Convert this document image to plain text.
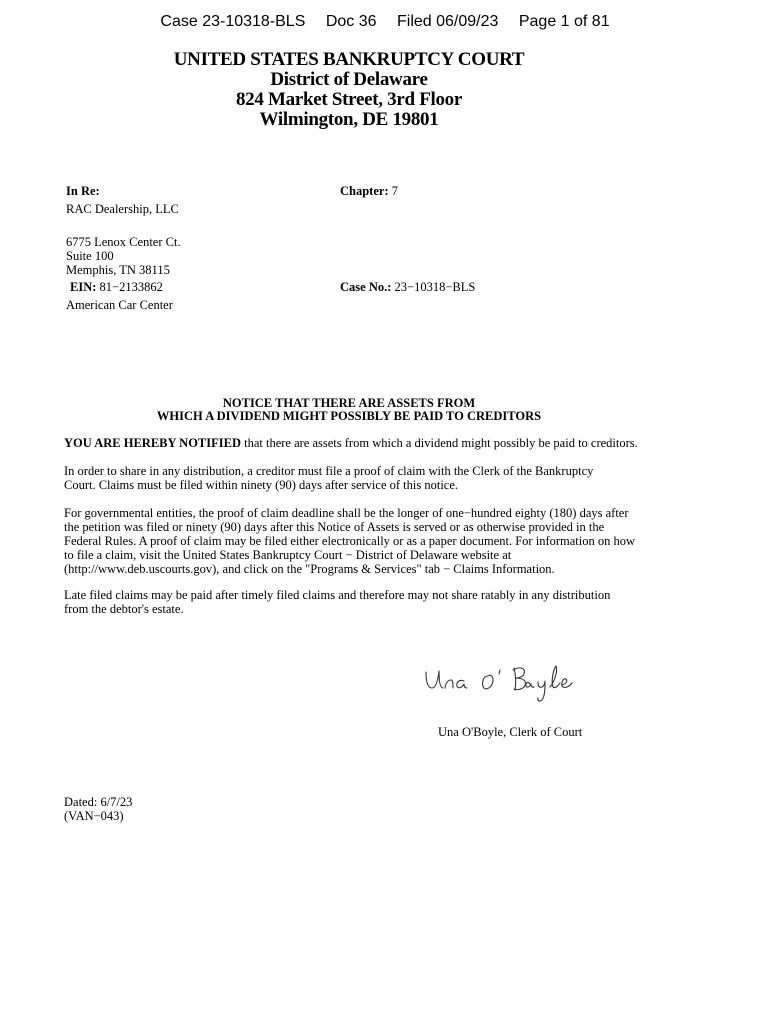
Case 23-10318-BLS Doc 36 Filed 06/09/23 Page 1 of 81
UNITED STATES BANKRUPTCY COURT
District of Delaware
824 Market Street, 3rd Floor
Wilmington, DE 19801
In Re:
RAC Dealership, LLC
6775 Lenox Center Ct.
Suite 100
Memphis, TN 38115
EIN: 81−2133862
American Car Center
Chapter: 7
Case No.: 23−10318−BLS
NOTICE THAT THERE ARE ASSETS FROM
WHICH A DIVIDEND MIGHT POSSIBLY BE PAID TO CREDITORS
YOU ARE HEREBY NOTIFIED that there are assets from which a dividend might possibly be paid to creditors.
In order to share in any distribution, a creditor must file a proof of claim with the Clerk of the Bankruptcy Court. Claims must be filed within ninety (90) days after service of this notice.
For governmental entities, the proof of claim deadline shall be the longer of one−hundred eighty (180) days after the petition was filed or ninety (90) days after this Notice of Assets is served or as otherwise provided in the Federal Rules. A proof of claim may be filed either electronically or as a paper document. For information on how to file a claim, visit the United States Bankruptcy Court − District of Delaware website at (http://www.deb.uscourts.gov), and click on the "Programs & Services" tab − Claims Information.
Late filed claims may be paid after timely filed claims and therefore may not share ratably in any distribution from the debtor's estate.
Una O'Boyle, Clerk of Court
Dated: 6/7/23
(VAN−043)
